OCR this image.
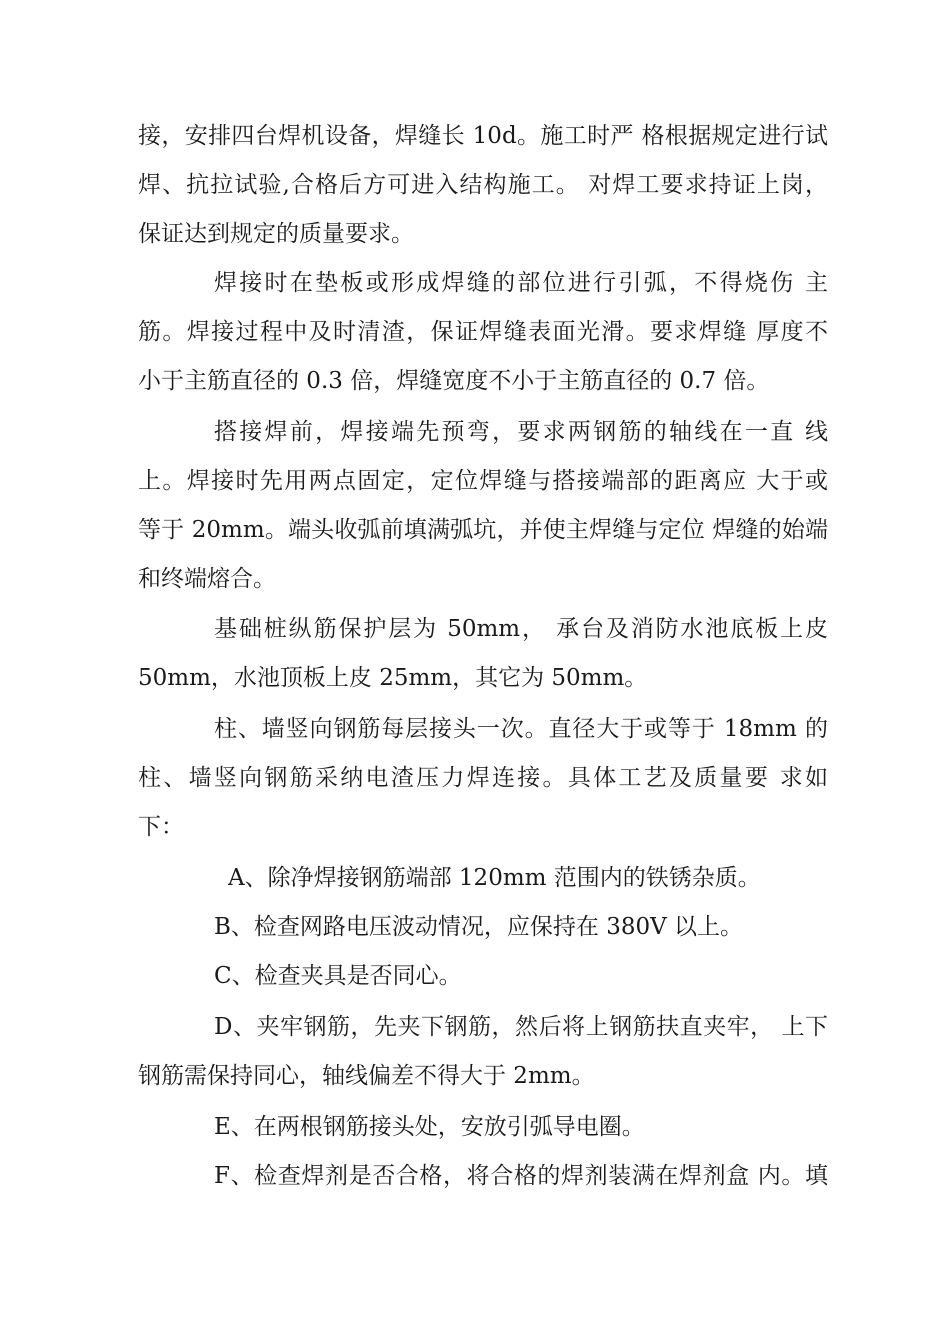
接，安排四台焊机设备，焊缝长 10d。施工时严 格根据规定进行试
焊、抗拉试验,合格后方可进入结构施工。 对焊工要求持证上岗，
保证达到规定的质量要求。
焊接时在垫板或形成焊缝的部位进行引弧，不得烧伤 主
筋。焊接过程中及时清渣，保证焊缝表面光滑。要求焊缝 厚度不
小于主筋直径的 0.3 倍，焊缝宽度不小于主筋直径的 0.7 倍。
搭接焊前，焊接端先预弯，要求两钢筋的轴线在一直 线
上。焊接时先用两点固定，定位焊缝与搭接端部的距离应 大于或
等于 20mm。端头收弧前填满弧坑，并使主焊缝与定位 焊缝的始端
和终端熔合。
基础桩纵筋保护层为 50mm， 承台及消防水池底板上皮
50mm，水池顶板上皮 25mm，其它为 50mm。
柱、墙竖向钢筋每层接头一次。直径大于或等于 18mm 的
柱、墙竖向钢筋采纳电渣压力焊连接。具体工艺及质量要 求如
下：
A、除净焊接钢筋端部 120mm 范围内的铁锈杂质。
B、检查网路电压波动情况，应保持在 380V 以上。
C、检查夹具是否同心。
D、夹牢钢筋，先夹下钢筋，然后将上钢筋扶直夹牢， 上下
钢筋需保持同心，轴线偏差不得大于 2mm。
E、在两根钢筋接头处，安放引弧导电圈。
F、检查焊剂是否合格，将合格的焊剂装满在焊剂盒 内。填
